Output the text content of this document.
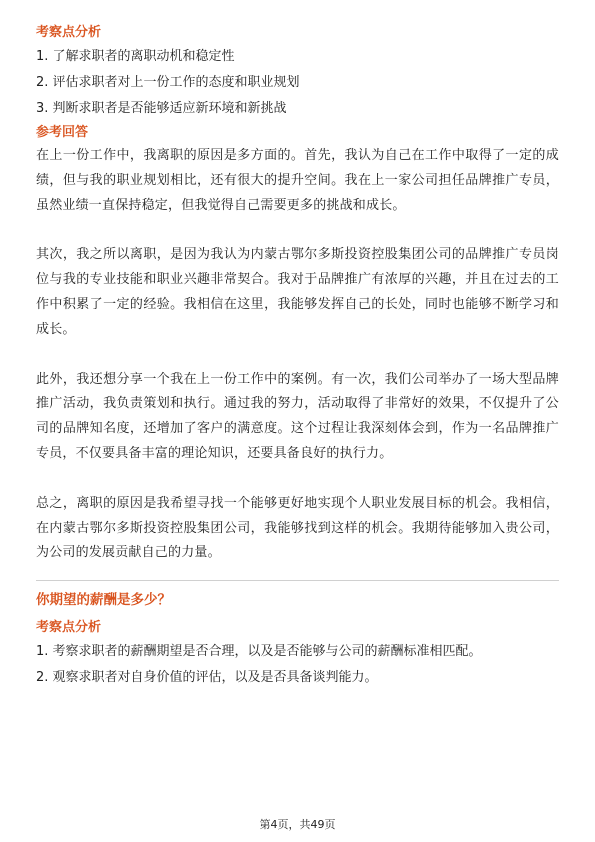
考察点分析
1. 了解求职者的离职动机和稳定性
2. 评估求职者对上一份工作的态度和职业规划
3. 判断求职者是否能够适应新环境和新挑战
参考回答

在上一份工作中，我离职的原因是多方面的。首先，我认为自己在工作中取得了一定的成绩，但与我的职业规划相比，还有很大的提升空间。我在上一家公司担任品牌推广专员，虽然业绩一直保持稳定，但我觉得自己需要更多的挑战和成长。

其次，我之所以离职，是因为我认为内蒙古鄂尔多斯投资控股集团公司的品牌推广专员岗位与我的专业技能和职业兴趣非常契合。我对于品牌推广有浓厚的兴趣，并且在过去的工作中积累了一定的经验。我相信在这里，我能够发挥自己的长处，同时也能够不断学习和成长。

此外，我还想分享一个我在上一份工作中的案例。有一次，我们公司举办了一场大型品牌推广活动，我负责策划和执行。通过我的努力，活动取得了非常好的效果，不仅提升了公司的品牌知名度，还增加了客户的满意度。这个过程让我深刻体会到，作为一名品牌推广专员，不仅要具备丰富的理论知识，还要具备良好的执行力。

总之，离职的原因是我希望寻找一个能够更好地实现个人职业发展目标的机会。我相信，在内蒙古鄂尔多斯投资控股集团公司，我能够找到这样的机会。我期待能够加入贵公司，为公司的发展贡献自己的力量。

你期望的薪酬是多少？
考察点分析
1. 考察求职者的薪酬期望是否合理，以及是否能够与公司的薪酬标准相匹配。
2. 观察求职者对自身价值的评估，以及是否具备谈判能力。
第4页，共49页
